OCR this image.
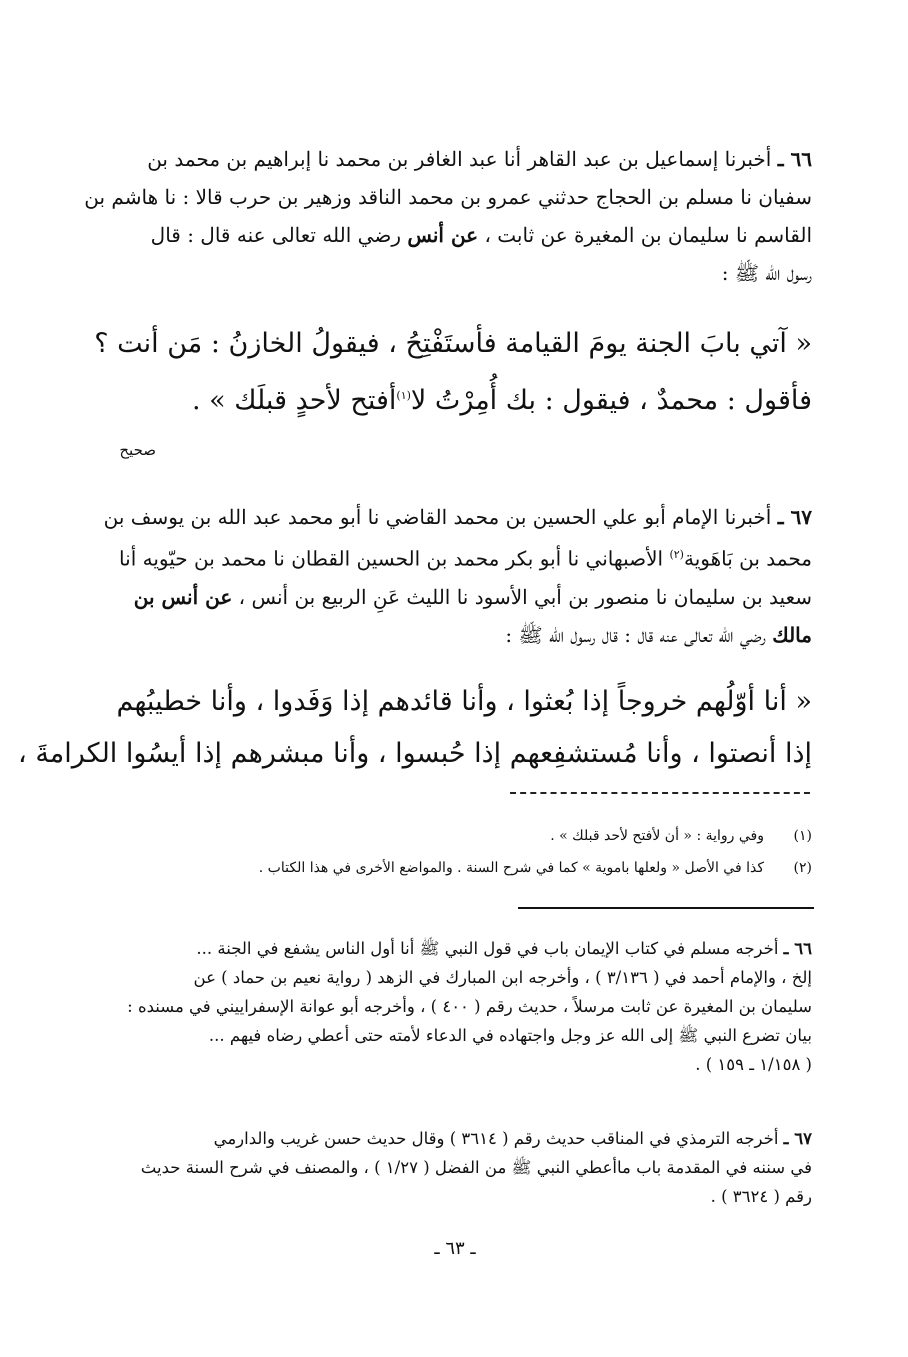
٦٦ ـ أخبرنا إسماعيل بن عبد القاهر أنا عبد الغافر بن محمد نا إبراهيم بن محمد بن
سفيان نا مسلم بن الحجاج حدثني عمرو بن محمد الناقد وزهير بن حرب قالا : نا هاشم بن
القاسم نا سليمان بن المغيرة عن ثابت ، عن أنس رضي الله تعالى عنه قال : قال
رسول الله ﷺ :
« آتي بابَ الجنة يومَ القيامة فأستَفْتِحُ ، فيقولُ الخازنُ : مَن أنت ؟
فأقول : محمدٌ ، فيقول : بك أُمِرْتُ لا$^{(١)}$أفتح لأحدٍ قبلَك » .
صحيح
٦٧ ـ أخبرنا الإمام أبو علي الحسين بن محمد القاضي نا أبو محمد عبد الله بن يوسف بن
محمد بن بَاهَوية$^{(٢)}$ الأصبهاني نا أبو بكر محمد بن الحسين القطان نا محمد بن حيّويه أنا
سعيد بن سليمان نا منصور بن أبي الأسود نا الليث عَنِ الربيع بن أنس ، عن أنس بن
مالك رضي الله تعالى عنه قال : قال رسول الله ﷺ :
« أنا أوّلُهم خروجاً إذا بُعثوا ، وأنا قائدهم إذا وَفَدوا ، وأنا خطيبُهم
إذا أنصتوا ، وأنا مُستشفِعهم إذا حُبسوا ، وأنا مبشرهم إذا أيسُوا الكرامةَ ،
(١)وفي رواية : « أن لأفتح لأحد قبلك » .
(٢)كذا في الأصل « ولعلها باموية » كما في شرح السنة . والمواضع الأخرى في هذا الكتاب .
٦٦ ـ أخرجه مسلم في كتاب الإيمان باب في قول النبي ﷺ أنا أول الناس يشفع في الجنة ...
إلخ ، والإمام أحمد في ( ٣/١٣٦ ) ، وأخرجه ابن المبارك في الزهد ( رواية نعيم بن حماد ) عن
سليمان بن المغيرة عن ثابت مرسلاً ، حديث رقم ( ٤٠٠ ) ، وأخرجه أبو عوانة الإسفراييني في مسنده :
بيان تضرع النبي ﷺ إلى الله عز وجل واجتهاده في الدعاء لأمته حتى أعطي رضاه فيهم ...
( ١/١٥٨ ـ ١٥٩ ) .
٦٧ ـ أخرجه الترمذي في المناقب حديث رقم ( ٣٦١٤ ) وقال حديث حسن غريب والدارمي
في سننه في المقدمة باب ماأعطي النبي ﷺ من الفضل ( ١/٢٧ ) ، والمصنف في شرح السنة حديث
رقم ( ٣٦٢٤ ) .
ـ ٦٣ ـ
